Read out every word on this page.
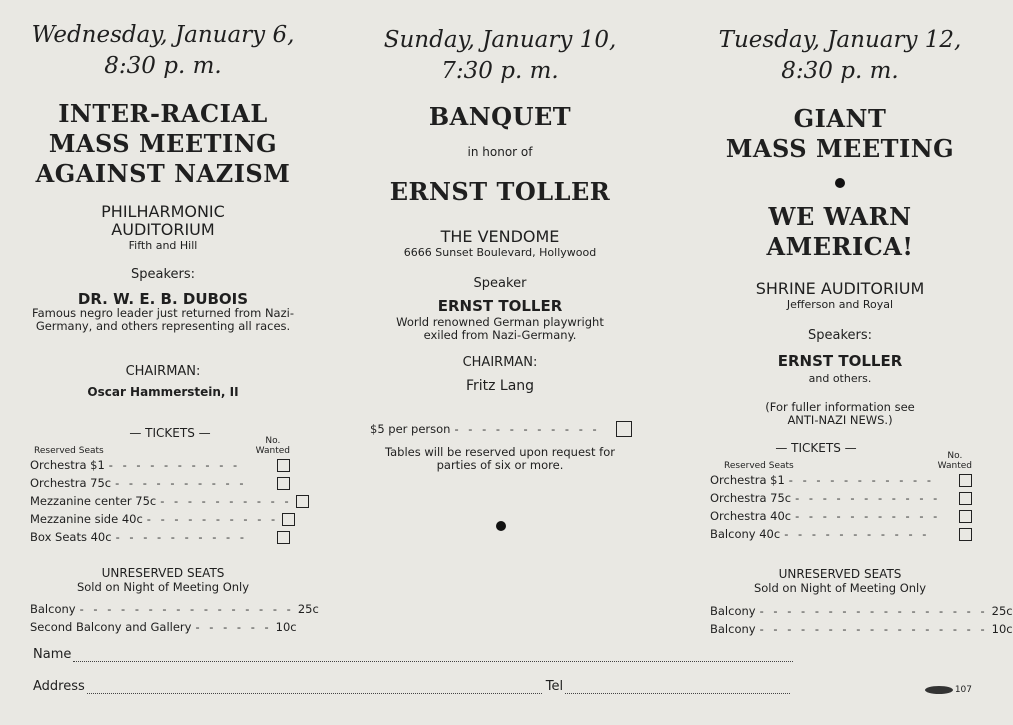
Wednesday, January 6,
8:30 p. m.
INTER-RACIAL
MASS MEETING
AGAINST NAZISM
PHILHARMONIC
AUDITORIUM
Fifth and Hill
Speakers:
DR. W. E. B. DUBOIS
Famous negro leader just returned from Nazi-Germany, and others representing all races.
CHAIRMAN:
Oscar Hammerstein, II
— TICKETS —
Reserved Seats
No.
Wanted
Orchestra $1 - - - - - - - - - -
Orchestra 75c - - - - - - - - - -
Mezzanine center 75c - - - - - - - - - -
Mezzanine side 40c - - - - - - - - - -
Box Seats 40c - - - - - - - - - -
UNRESERVED SEATS
Sold on Night of Meeting Only
Balcony - - - - - - - - - - - - - - - - 25c
Second Balcony and Gallery - - - - - - 10c
Sunday, January 10,
7:30 p. m.
BANQUET
in honor of
ERNST TOLLER
THE VENDOME
6666 Sunset Boulevard, Hollywood
Speaker
ERNST TOLLER
World renowned German playwright
exiled from Nazi-Germany.
CHAIRMAN:
Fritz Lang
$5 per person - - - - - - - - - - -
Tables will be reserved upon request for
parties of six or more.
Tuesday, January 12,
8:30 p. m.
GIANT
MASS MEETING
WE WARN
AMERICA!
SHRINE AUDITORIUM
Jefferson and Royal
Speakers:
ERNST TOLLER
and others.
(For fuller information see
ANTI-NAZI NEWS.)
— TICKETS —
Reserved Seats
No.
Wanted
Orchestra $1 - - - - - - - - - - -
Orchestra 75c - - - - - - - - - - -
Orchestra 40c - - - - - - - - - - -
Balcony 40c - - - - - - - - - - -
UNRESERVED SEATS
Sold on Night of Meeting Only
Balcony - - - - - - - - - - - - - - - - - 25c
Balcony - - - - - - - - - - - - - - - - - 10c
Name
Address	Tel	107
